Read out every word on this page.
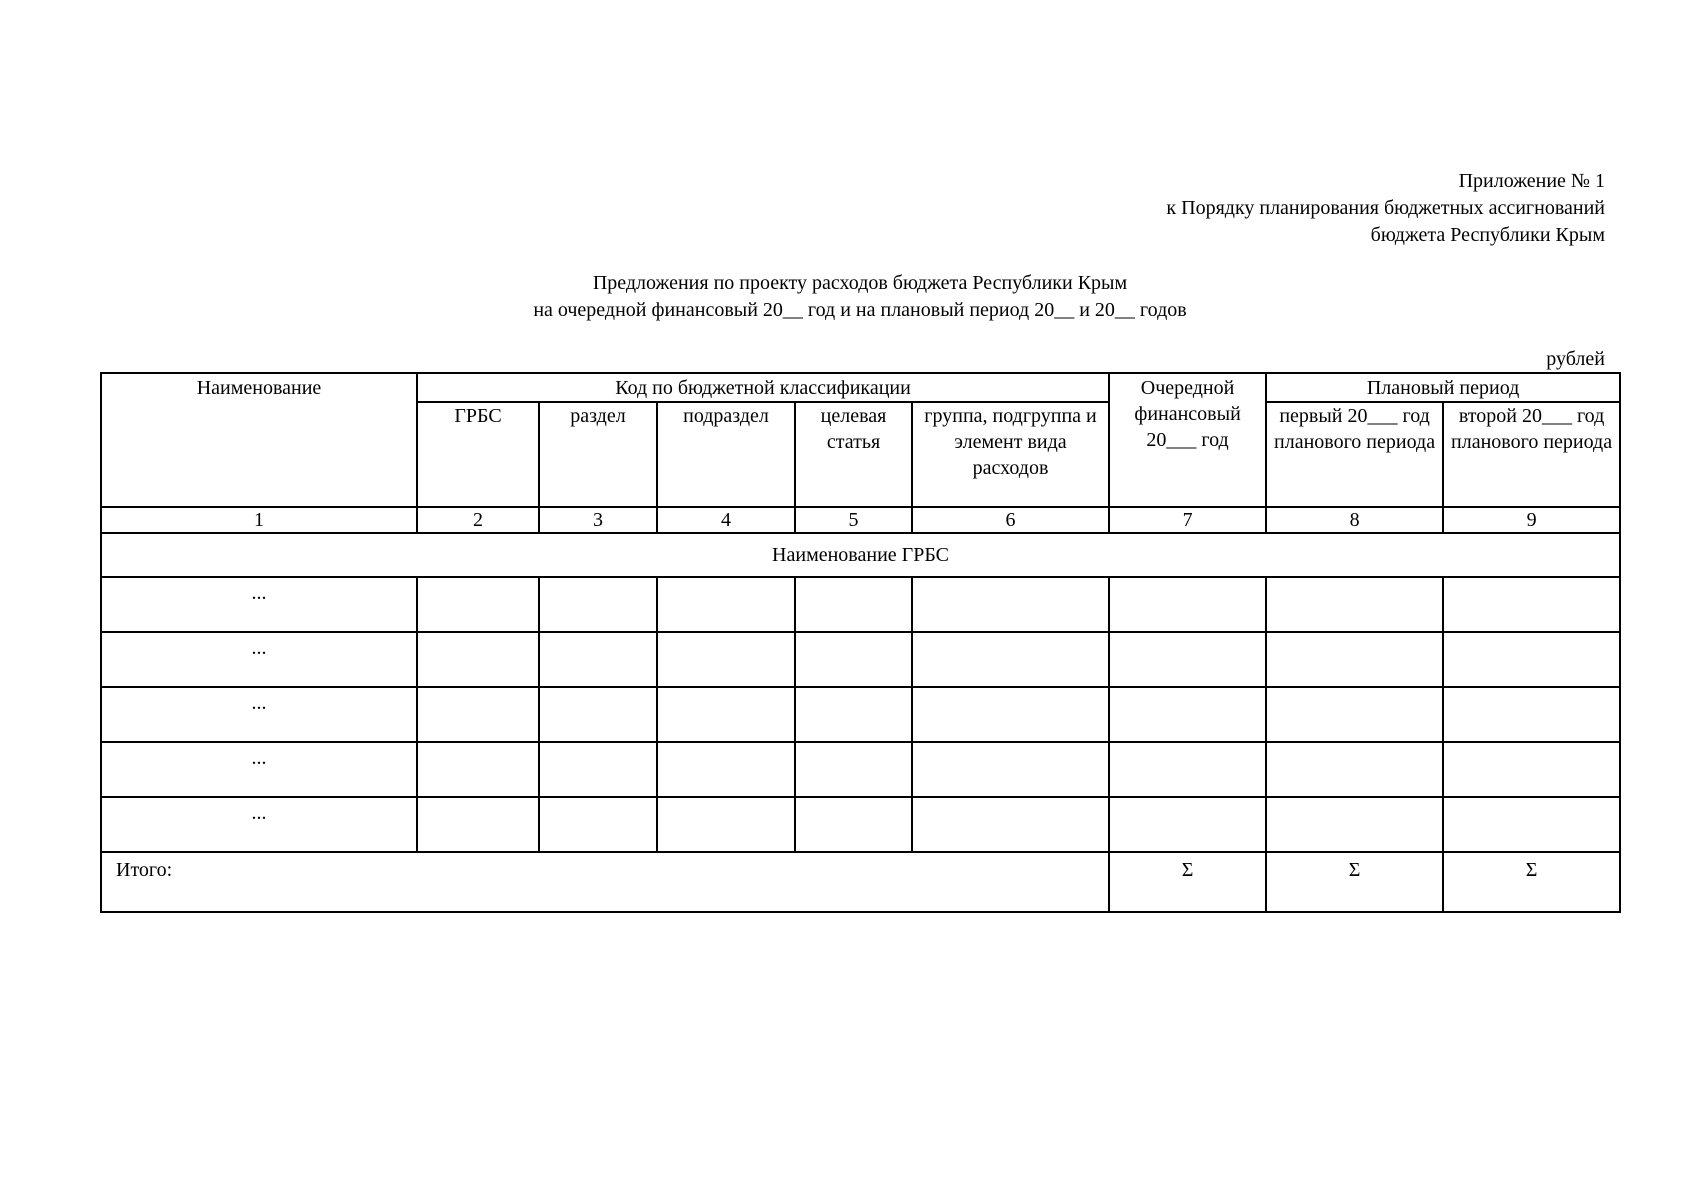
Приложение № 1
к Порядку планирования бюджетных ассигнований
бюджета Республики Крым
Предложения по проекту расходов бюджета Республики Крым
на очередной финансовый 20__ год и на плановый период 20__ и 20__ годов
рублей
Наименование	Код по бюджетной классификации					Очередной финансовый 20___ год	Плановый период	
	ГРБС	раздел	подраздел	целевая статья	группа, подгруппа и элемент вида расходов		первый 20___ год планового периода	второй 20___ год планового периода
1	2	3	4	5	6	7	8	9
Наименование ГРБС								
...								
...								
...								
...								
...								
Итого:						Σ	Σ	Σ
